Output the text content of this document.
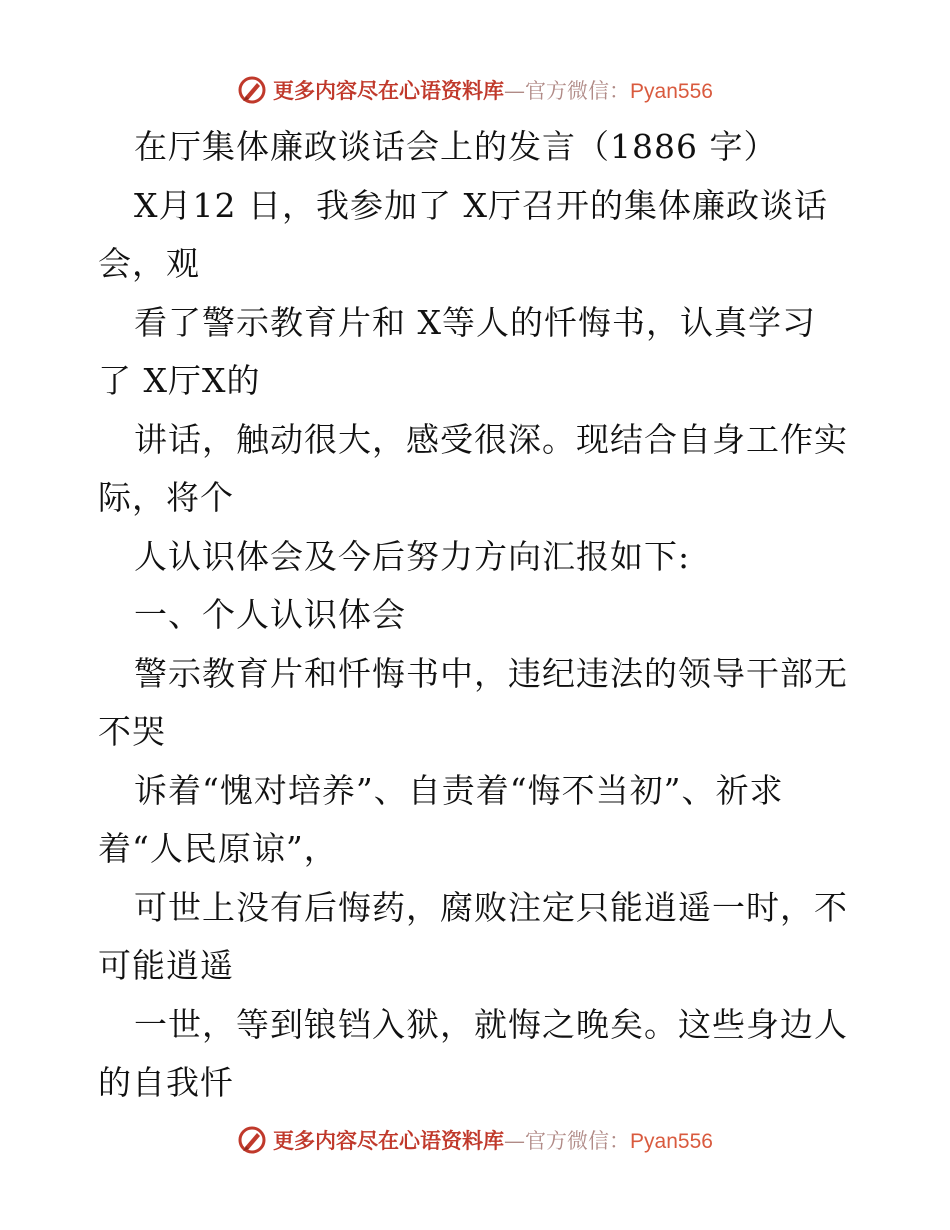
更多内容尽在心语资料库 — 官方微信： Pyan556
在厅集体廉政谈话会上的发言（1886 字）
X月12 日，我参加了 X厅召开的集体廉政谈话
会，观
看了警示教育片和 X等人的忏悔书，认真学习
了 X厅X的
讲话，触动很大，感受很深。现结合自身工作实
际，将个
人认识体会及今后努力方向汇报如下:
一、个人认识体会
警示教育片和忏悔书中，违纪违法的领导干部无
不哭
诉着“愧对培养”、自责着“悔不当初”、祈求
着“人民原谅”，
可世上没有后悔药，腐败注定只能逍遥一时，不
可能逍遥
一世，等到锒铛入狱，就悔之晚矣。这些身边人
的自我忏
更多内容尽在心语资料库 — 官方微信： Pyan556
